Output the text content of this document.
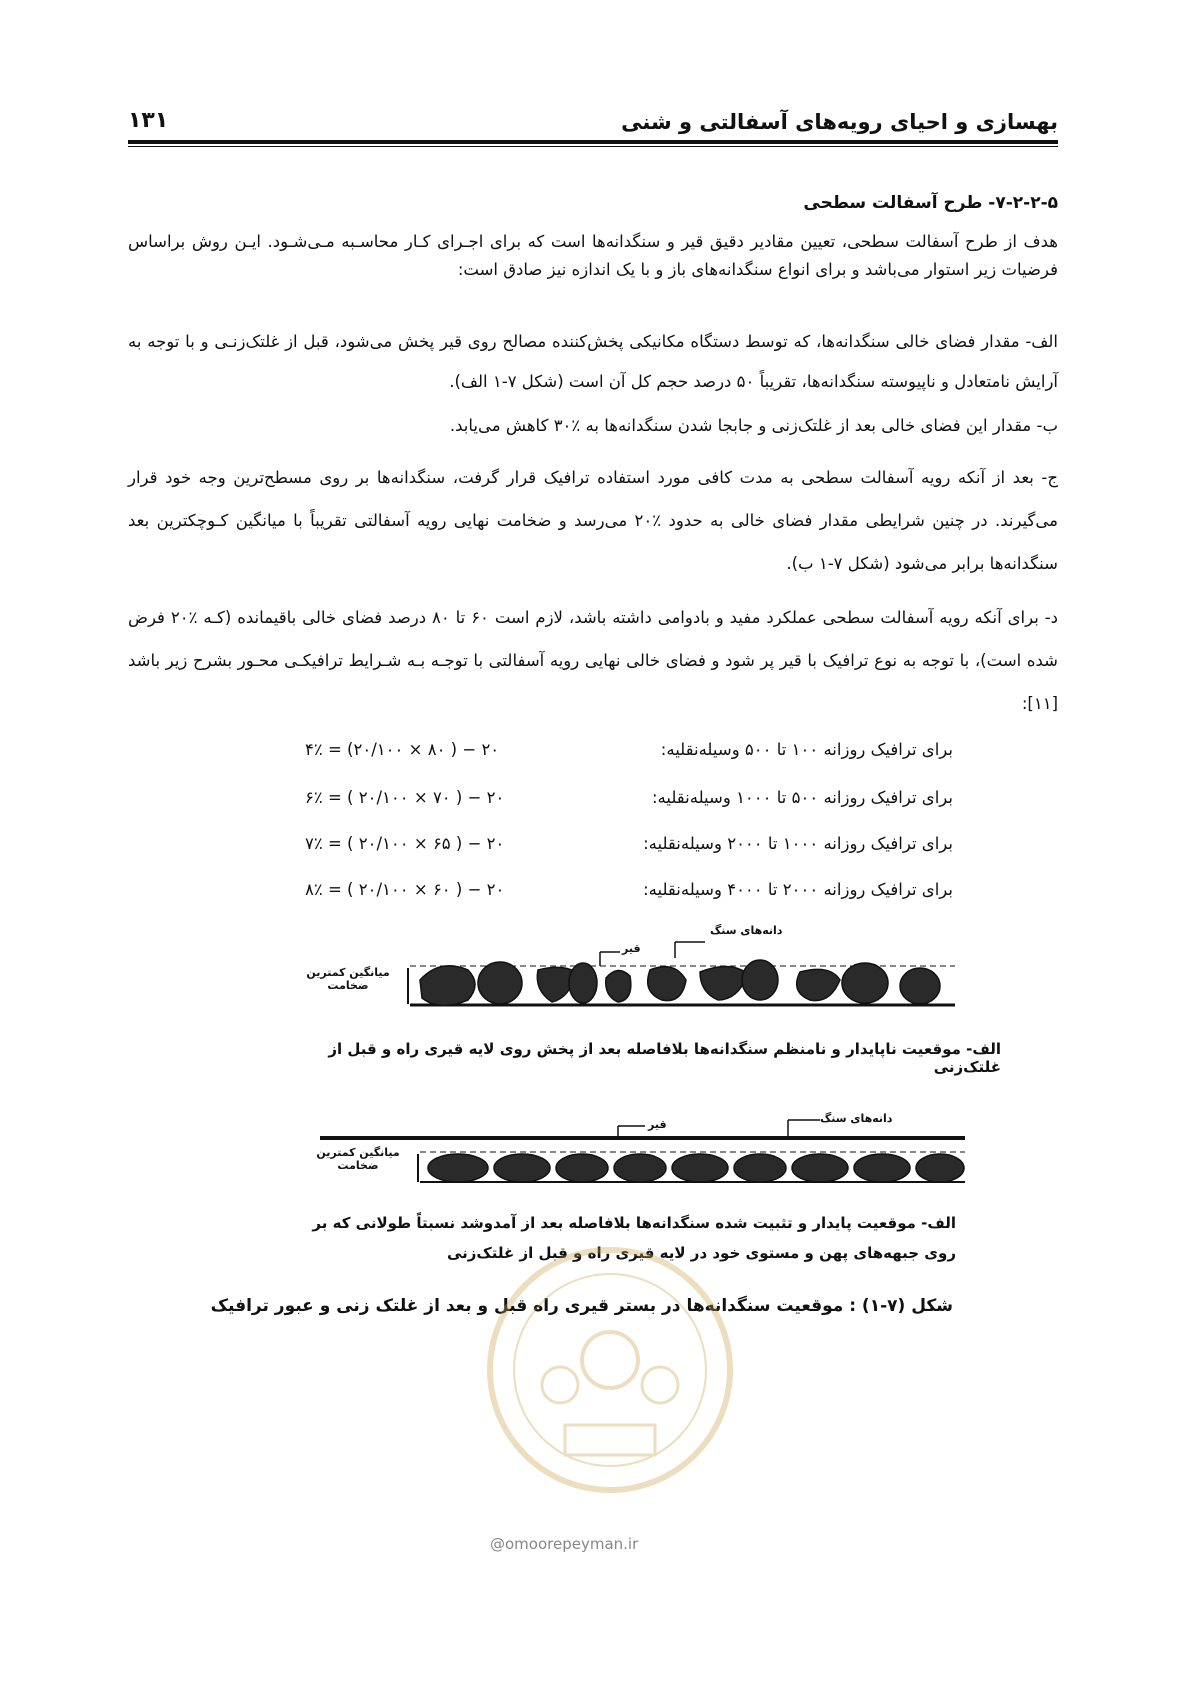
۱۳۱	بهسازی و احیای رویه‌های آسفالتی و شنی
۷-۲-۲-۵- طرح آسفالت سطحی

هدف از طرح آسفالت سطحی، تعیین مقادیر دقیق قیر و سنگدانه‌ها است که برای اجـرای کـار محاسـبه مـی‌شـود. ایـن روش براساس فرضیات زیر استوار می‌باشد و برای انواع سنگدانه‌های باز و با یک اندازه نیز صادق است:

الف- مقدار فضای خالی سنگدانه‌ها، که توسط دستگاه مکانیکی پخش‌کننده مصالح روی قیر پخش می‌شود، قبل از غلتک‌زنـی و با توجه به آرایش نامتعادل و ناپیوسته سنگدانه‌ها، تقریباً ۵۰ درصد حجم کل آن است (شکل ۷-۱ الف).

ب- مقدار این فضای خالی بعد از غلتک‌زنی و جابجا شدن سنگدانه‌ها به ٪۳۰ کاهش می‌یابد.

ج- بعد از آنکه رویه آسفالت سطحی به مدت کافی مورد استفاده ترافیک قرار گرفت، سنگدانه‌ها بر روی مسطح‌ترین وجه خود قرار می‌گیرند. در چنین شرایطی مقدار فضای خالی به حدود ٪۲۰ می‌رسد و ضخامت نهایی رویه آسفالتی تقریباً با میانگین کـوچکترین بعد سنگدانه‌ها برابر می‌شود (شکل ۷-۱ ب).

د- برای آنکه رویه آسفالت سطحی عملکرد مفید و بادوامی داشته باشد، لازم است ۶۰ تا ۸۰ درصد فضای خالی باقیمانده (کـه ٪۲۰ فرض شده است)، با توجه به نوع ترافیک با قیر پر شود و فضای خالی نهایی رویه آسفالتی با توجـه بـه شـرایط ترافیکـی محـور بشرح زیر باشد [۱۱]:

برای ترافیک روزانه ۱۰۰ تا ۵۰۰ وسیله‌نقلیه:
۲۰ − ( ۸۰ × ۲۰/۱۰۰) = ۴٪
برای ترافیک روزانه ۵۰۰ تا ۱۰۰۰ وسیله‌نقلیه:
۲۰ − ( ۷۰ × ۲۰/۱۰۰ ) = ۶٪
برای ترافیک روزانه ۱۰۰۰ تا ۲۰۰۰ وسیله‌نقلیه:
۲۰ − ( ۶۵ × ۲۰/۱۰۰ ) = ۷٪
برای ترافیک روزانه ۲۰۰۰ تا ۴۰۰۰ وسیله‌نقلیه:
۲۰ − ( ۶۰ × ۲۰/۱۰۰ ) = ۸٪
دانه‌های سنگ
قیر
میانگین کمترین ضخامت
الف- موقعیت ناپایدار و نامنظم سنگدانه‌ها بلافاصله بعد از پخش روی لایه قیری راه و قبل از غلتک‌زنی
دانه‌های سنگ
قیر
میانگین کمترین ضخامت
الف- موقعیت پایدار و تثبیت شده سنگدانه‌ها بلافاصله بعد از آمدوشد نسبتاً طولانی که بر روی جبهه‌های پهن و مستوی خود در لایه قیری راه و قبل از غلتک‌زنی
شکل (۷-۱) : موقعیت سنگدانه‌ها در بستر قیری راه قبل و بعد از غلتک زنی و عبور ترافیک
@omoorepeyman.ir
